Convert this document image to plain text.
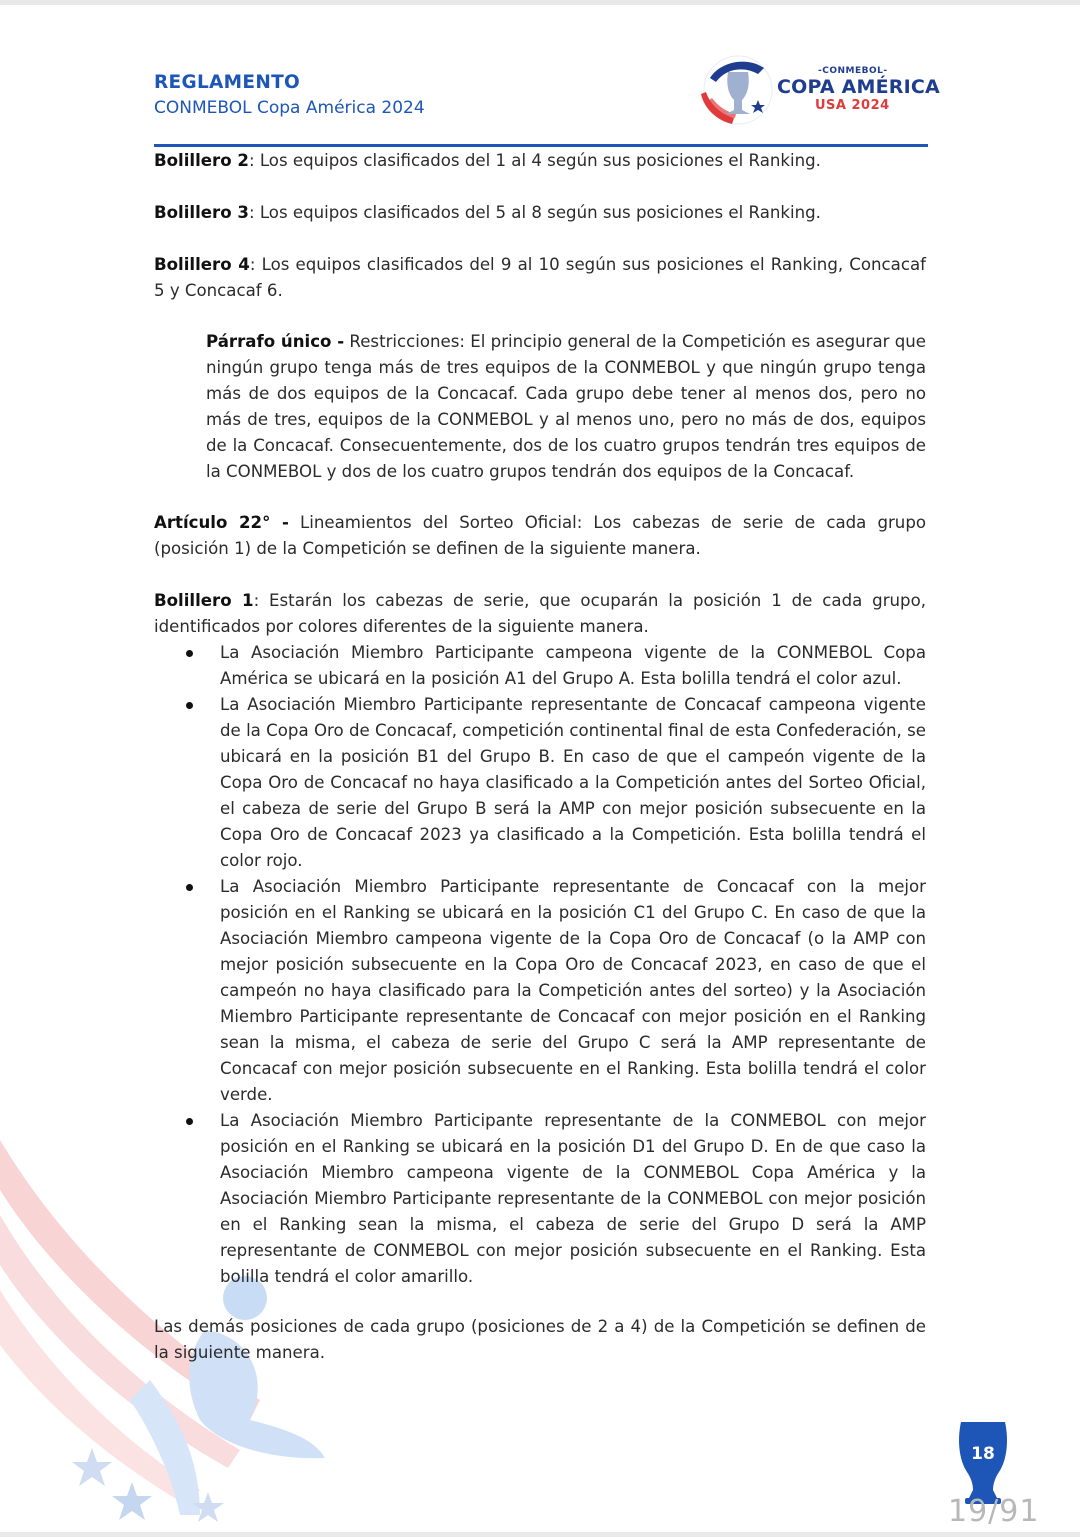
REGLAMENTO
CONMEBOL Copa América 2024
-CONMEBOL-
COPA AMÉRICA
USA 2024

Bolillero 2: Los equipos clasificados del 1 al 4 según sus posiciones el Ranking.

Bolillero 3: Los equipos clasificados del 5 al 8 según sus posiciones el Ranking.

Bolillero 4: Los equipos clasificados del 9 al 10 según sus posiciones el Ranking, Concacaf 5 y Concacaf 6.

Párrafo único - Restricciones: El principio general de la Competición es asegurar que ningún grupo tenga más de tres equipos de la CONMEBOL y que ningún grupo tenga más de dos equipos de la Concacaf. Cada grupo debe tener al menos dos, pero no más de tres, equipos de la CONMEBOL y al menos uno, pero no más de dos, equipos de la Concacaf. Consecuentemente, dos de los cuatro grupos tendrán tres equipos de la CONMEBOL y dos de los cuatro grupos tendrán dos equipos de la Concacaf.

Artículo 22° - Lineamientos del Sorteo Oficial: Los cabezas de serie de cada grupo (posición 1) de la Competición se definen de la siguiente manera.

Bolillero 1: Estarán los cabezas de serie, que ocuparán la posición 1 de cada grupo, identificados por colores diferentes de la siguiente manera.

La Asociación Miembro Participante campeona vigente de la CONMEBOL Copa América se ubicará en la posición A1 del Grupo A. Esta bolilla tendrá el color azul.
La Asociación Miembro Participante representante de Concacaf campeona vigente de la Copa Oro de Concacaf, competición continental final de esta Confederación, se ubicará en la posición B1 del Grupo B. En caso de que el campeón vigente de la Copa Oro de Concacaf no haya clasificado a la Competición antes del Sorteo Oficial, el cabeza de serie del Grupo B será la AMP con mejor posición subsecuente en la Copa Oro de Concacaf 2023 ya clasificado a la Competición. Esta bolilla tendrá el color rojo.
La Asociación Miembro Participante representante de Concacaf con la mejor posición en el Ranking se ubicará en la posición C1 del Grupo C. En caso de que la Asociación Miembro campeona vigente de la Copa Oro de Concacaf (o la AMP con mejor posición subsecuente en la Copa Oro de Concacaf 2023, en caso de que el campeón no haya clasificado para la Competición antes del sorteo) y la Asociación Miembro Participante representante de Concacaf con mejor posición en el Ranking sean la misma, el cabeza de serie del Grupo C será la AMP representante de Concacaf con mejor posición subsecuente en el Ranking. Esta bolilla tendrá el color verde.
La Asociación Miembro Participante representante de la CONMEBOL con mejor posición en el Ranking se ubicará en la posición D1 del Grupo D. En de que caso la Asociación Miembro campeona vigente de la CONMEBOL Copa América y la Asociación Miembro Participante representante de la CONMEBOL con mejor posición en el Ranking sean la misma, el cabeza de serie del Grupo D será la AMP representante de CONMEBOL con mejor posición subsecuente en el Ranking. Esta bolilla tendrá el color amarillo.

Las demás posiciones de cada grupo (posiciones de 2 a 4) de la Competición se definen de la siguiente manera.

18
19/91
